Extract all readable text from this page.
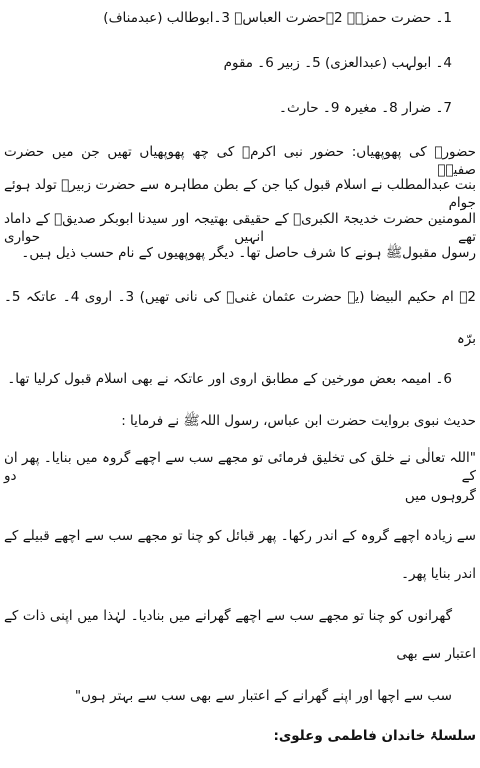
1۔ حضرت حمزہؓ 2۔حضرت العباسؓ 3۔ابوطالب (عبدمناف)
4۔ ابولہب (عبدالعزی) 5۔ زبیر 6۔ مقوم
7۔ ضرار 8۔ مغیرہ 9۔ حارث۔
حضورﷺ کی پھوپھیاں: حضور نبی اکرمﷺ کی چھ پھوپھیاں تھیں جن میں حضرت صفیہؓ
بنت عبدالمطلب نے اسلام قبول کیا جن کے بطن مطاہرہ سے حضرت زبیرؓ تولد ہوئے جوام
المومنین حضرت خدیجۃ الکبریؓ کے حقیقی بھتیجہ اور سیدنا ابوبکر صدیقؓ کے داماد تھے انہیں حواری
رسول مقبولﷺ ہونے کا شرف حاصل تھا۔ دیگر پھوپھیوں کے نام حسب ذیل ہیں۔
2۔ ام حکیم البیضا (یہ حضرت عثمان غنیؓ کی نانی تھیں) 3۔ اروی 4۔ عاتکہ 5۔
برّہ
6۔ امیمہ بعض مورخین کے مطابق اروی اور عاتکہ نے بھی اسلام قبول کرلیا تھا۔
حدیث نبوی بروایت حضرت ابن عباس، رسول اللہﷺ نے فرمایا :
"اللہ تعالٰی نے خلق کی تخلیق فرمائی تو مجھے سب سے اچھے گروہ میں بنایا۔ پھر ان کے دو
گروہوں میں
سے زیادہ اچھے گروہ کے اندر رکھا۔ پھر قبائل کو چنا تو مجھے سب سے اچھے قبیلے کے
اندر بنایا پھر۔
گھرانوں کو چنا تو مجھے سب سے اچھے گھرانے میں بنادیا۔ لہٰذا میں اپنی ذات کے
اعتبار سے بھی
سب سے اچھا اور اپنے گھرانے کے اعتبار سے بھی سب سے بہتر ہوں"
سلسلۂ خاندان فاطمی وعلوی:
